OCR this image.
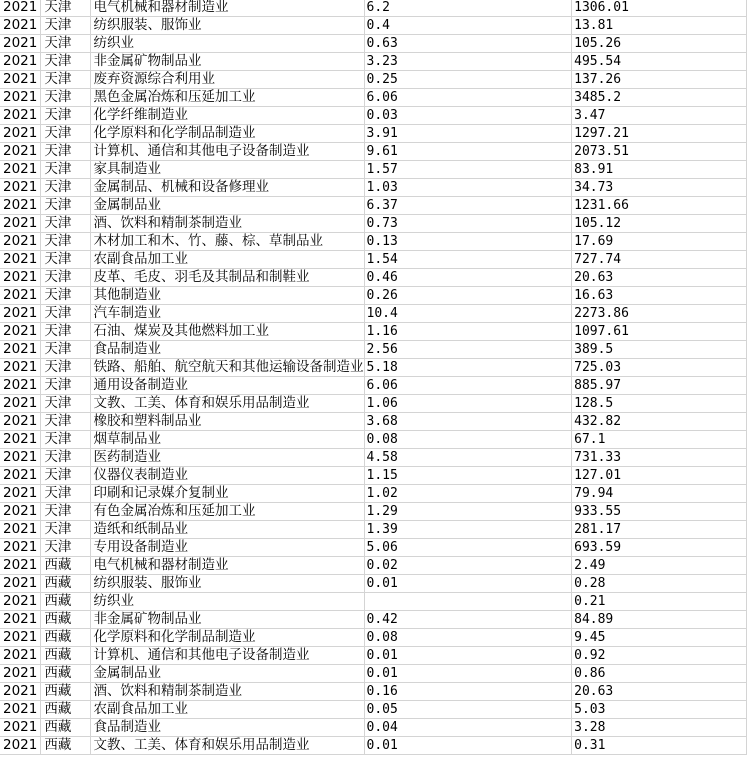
2021	天津	电气机械和器材制造业	6.2	1306.01
2021	天津	纺织服装、服饰业	0.4	13.81
2021	天津	纺织业	0.63	105.26
2021	天津	非金属矿物制品业	3.23	495.54
2021	天津	废弃资源综合利用业	0.25	137.26
2021	天津	黑色金属冶炼和压延加工业	6.06	3485.2
2021	天津	化学纤维制造业	0.03	3.47
2021	天津	化学原料和化学制品制造业	3.91	1297.21
2021	天津	计算机、通信和其他电子设备制造业	9.61	2073.51
2021	天津	家具制造业	1.57	83.91
2021	天津	金属制品、机械和设备修理业	1.03	34.73
2021	天津	金属制品业	6.37	1231.66
2021	天津	酒、饮料和精制茶制造业	0.73	105.12
2021	天津	木材加工和木、竹、藤、棕、草制品业	0.13	17.69
2021	天津	农副食品加工业	1.54	727.74
2021	天津	皮革、毛皮、羽毛及其制品和制鞋业	0.46	20.63
2021	天津	其他制造业	0.26	16.63
2021	天津	汽车制造业	10.4	2273.86
2021	天津	石油、煤炭及其他燃料加工业	1.16	1097.61
2021	天津	食品制造业	2.56	389.5
2021	天津	铁路、船舶、航空航天和其他运输设备制造业	5.18	725.03
2021	天津	通用设备制造业	6.06	885.97
2021	天津	文教、工美、体育和娱乐用品制造业	1.06	128.5
2021	天津	橡胶和塑料制品业	3.68	432.82
2021	天津	烟草制品业	0.08	67.1
2021	天津	医药制造业	4.58	731.33
2021	天津	仪器仪表制造业	1.15	127.01
2021	天津	印刷和记录媒介复制业	1.02	79.94
2021	天津	有色金属冶炼和压延加工业	1.29	933.55
2021	天津	造纸和纸制品业	1.39	281.17
2021	天津	专用设备制造业	5.06	693.59
2021	西藏	电气机械和器材制造业	0.02	2.49
2021	西藏	纺织服装、服饰业	0.01	0.28
2021	西藏	纺织业		0.21
2021	西藏	非金属矿物制品业	0.42	84.89
2021	西藏	化学原料和化学制品制造业	0.08	9.45
2021	西藏	计算机、通信和其他电子设备制造业	0.01	0.92
2021	西藏	金属制品业	0.01	0.86
2021	西藏	酒、饮料和精制茶制造业	0.16	20.63
2021	西藏	农副食品加工业	0.05	5.03
2021	西藏	食品制造业	0.04	3.28
2021	西藏	文教、工美、体育和娱乐用品制造业	0.01	0.31
